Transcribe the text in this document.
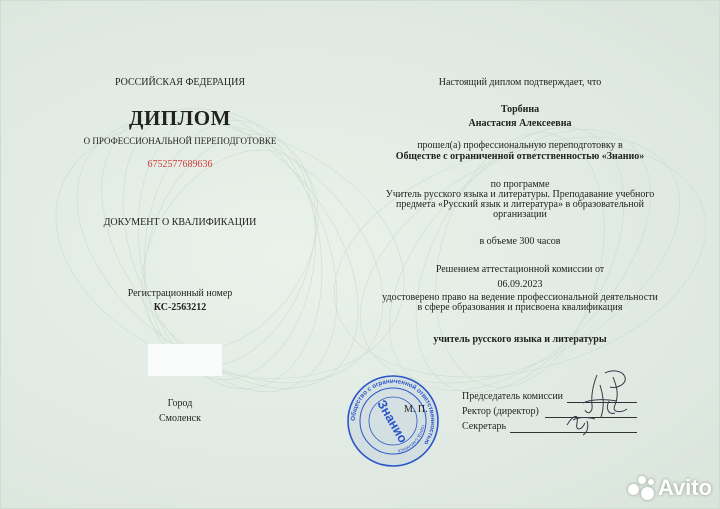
РОССИЙСКАЯ ФЕДЕРАЦИЯ
ДИПЛОМ
О ПРОФЕССИОНАЛЬНОЙ ПЕРЕПОДГОТОВКЕ
6752577689636
ДОКУМЕНТ О КВАЛИФИКАЦИИ
Регистрационный номер
КС-2563212
Город
Смоленск
Настоящий диплом подтверждает, что
Торбина
Анастасия Алексеевна
прошел(а) профессиональную переподготовку в
Обществе с ограниченной ответственностью «Знанио»
по программе
Учитель русского языка и литературы. Преподавание учебного
предмета «Русский язык и литература» в образовательной
организации
в объеме 300 часов
Решением аттестационной комиссии от
06.09.2023
удостоверено право на ведение профессиональной деятельности
в сфере образования и присвоена квалификация
учитель русского языка и литературы
Председатель комиссии
Ректор (директор)
Секретарь
Общество с ограниченной ответственностью
город Смоленск
Знанио
М. П.
Avito
